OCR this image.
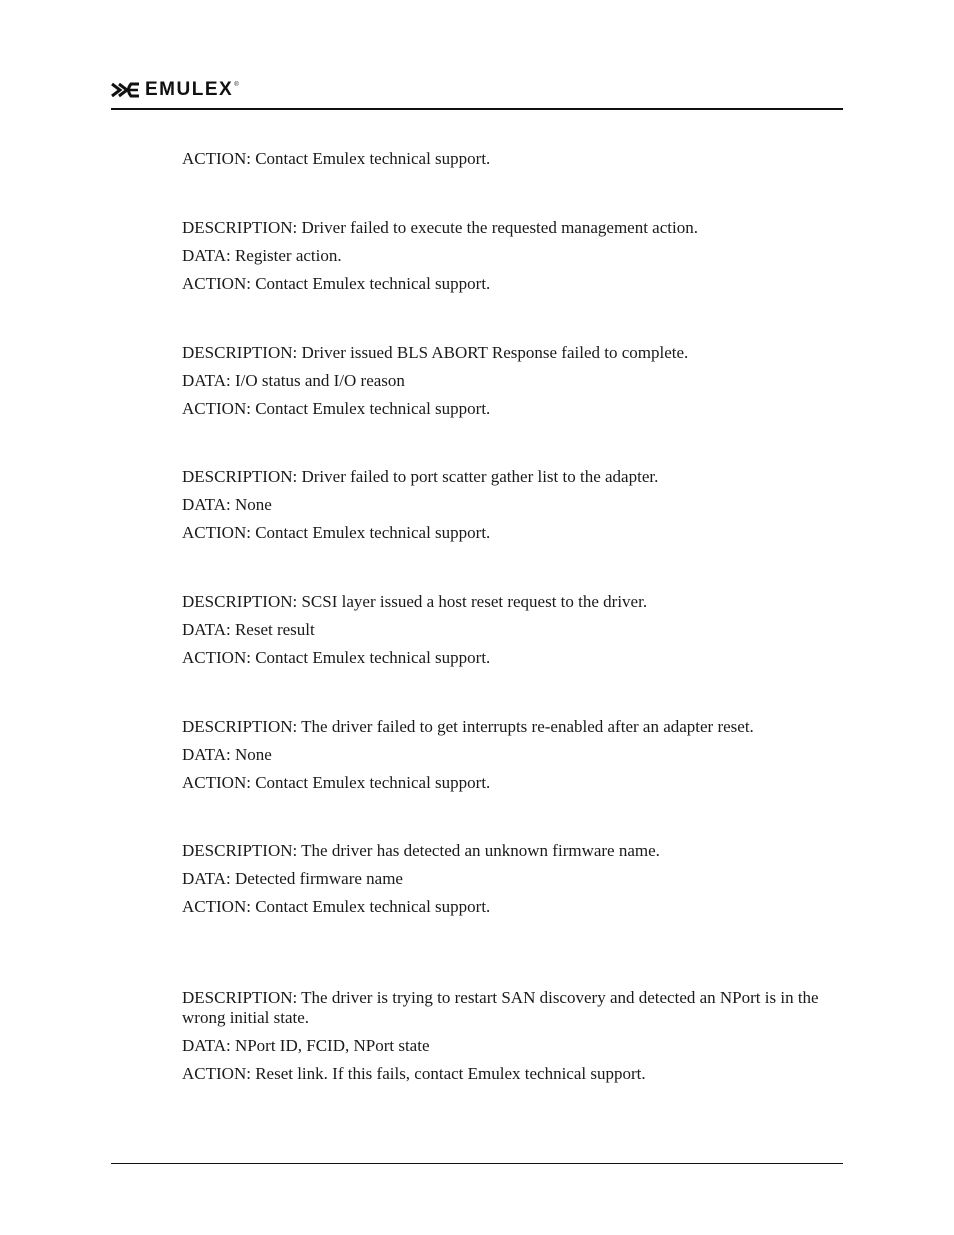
EMULEX ®
ACTION: Contact Emulex technical support.
DESCRIPTION: Driver failed to execute the requested management action.
DATA: Register action.
ACTION: Contact Emulex technical support.
DESCRIPTION: Driver issued BLS ABORT Response failed to complete.
DATA: I/O status and I/O reason
ACTION: Contact Emulex technical support.
DESCRIPTION: Driver failed to port scatter gather list to the adapter.
DATA: None
ACTION: Contact Emulex technical support.
DESCRIPTION: SCSI layer issued a host reset request to the driver.
DATA: Reset result
ACTION: Contact Emulex technical support.
DESCRIPTION: The driver failed to get interrupts re-enabled after an adapter reset.
DATA: None
ACTION: Contact Emulex technical support.
DESCRIPTION: The driver has detected an unknown firmware name.
DATA: Detected firmware name
ACTION: Contact Emulex technical support.
DESCRIPTION: The driver is trying to restart SAN discovery and detected an NPort is in the wrong initial state.
DATA: NPort ID, FCID, NPort state
ACTION: Reset link. If this fails, contact Emulex technical support.
